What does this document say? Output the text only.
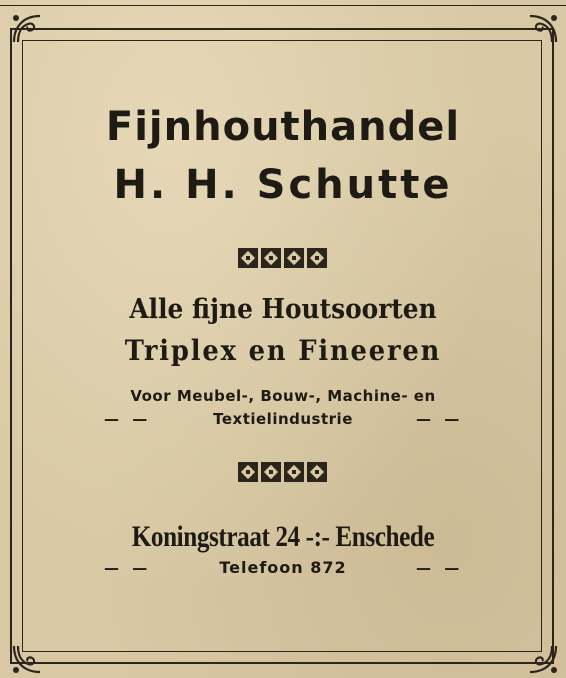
Fijnhouthandel
H. H. Schutte
Alle fijne Houtsoorten
Triplex en Fineeren
Voor Meubel-, Bouw-, Machine- en
Textielindustrie
— —	— —
Koningstraat 24 -:- Enschede
Telefoon 872
— —	— —
